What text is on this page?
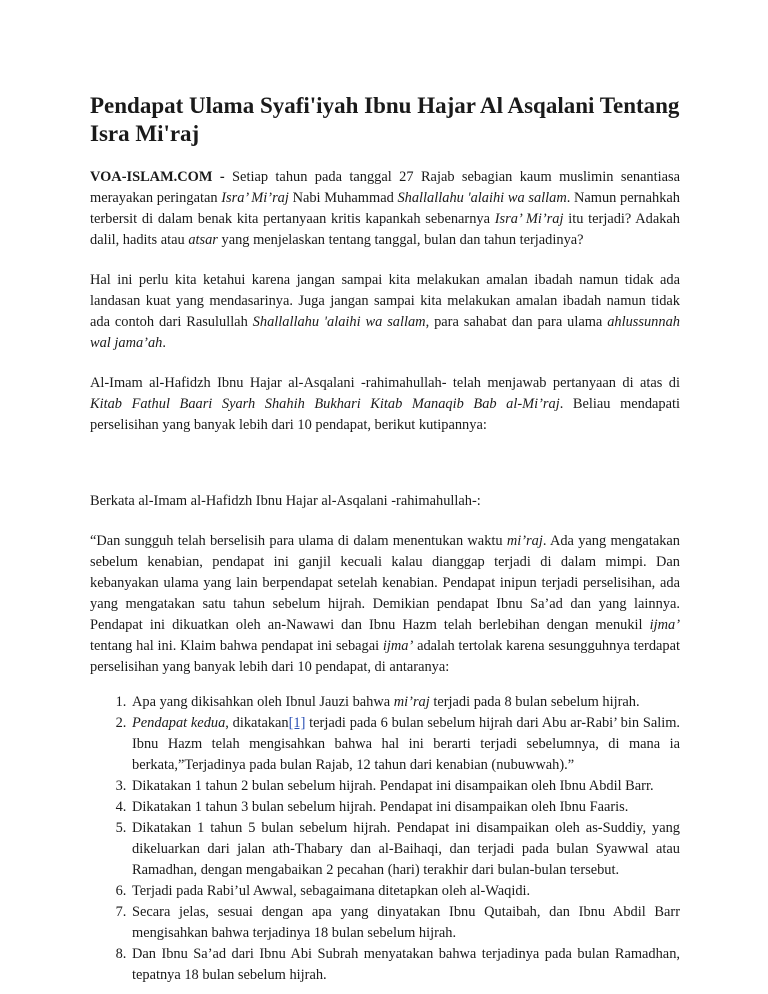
Pendapat Ulama Syafi'iyah Ibnu Hajar Al Asqalani Tentang Isra Mi'raj

VOA-ISLAM.COM - Setiap tahun pada tanggal 27 Rajab sebagian kaum muslimin senantiasa merayakan peringatan Isra’ Mi’raj Nabi Muhammad Shallallahu 'alaihi wa sallam. Namun pernahkah terbersit di dalam benak kita pertanyaan kritis kapankah sebenarnya Isra’ Mi’raj itu terjadi? Adakah dalil, hadits atau atsar yang menjelaskan tentang tanggal, bulan dan tahun terjadinya?

Hal ini perlu kita ketahui karena jangan sampai kita melakukan amalan ibadah namun tidak ada landasan kuat yang mendasarinya. Juga jangan sampai kita melakukan amalan ibadah namun tidak ada contoh dari Rasulullah Shallallahu 'alaihi wa sallam, para sahabat dan para ulama ahlussunnah wal jama’ah.

Al-Imam al-Hafidzh Ibnu Hajar al-Asqalani -rahimahullah- telah menjawab pertanyaan di atas di Kitab Fathul Baari Syarh Shahih Bukhari Kitab Manaqib Bab al-Mi’raj. Beliau mendapati perselisihan yang banyak lebih dari 10 pendapat, berikut kutipannya:

Berkata al-Imam al-Hafidzh Ibnu Hajar al-Asqalani -rahimahullah-:

“Dan sungguh telah berselisih para ulama di dalam menentukan waktu mi’raj. Ada yang mengatakan sebelum kenabian, pendapat ini ganjil kecuali kalau dianggap terjadi di dalam mimpi. Dan kebanyakan ulama yang lain berpendapat setelah kenabian. Pendapat inipun terjadi perselisihan, ada yang mengatakan satu tahun sebelum hijrah. Demikian pendapat Ibnu Sa’ad dan yang lainnya. Pendapat ini dikuatkan oleh an-Nawawi dan Ibnu Hazm telah berlebihan dengan menukil ijma’ tentang hal ini. Klaim bahwa pendapat ini sebagai ijma’ adalah tertolak karena sesungguhnya terdapat perselisihan yang banyak lebih dari 10 pendapat, di antaranya:

1. Apa yang dikisahkan oleh Ibnul Jauzi bahwa mi’raj terjadi pada 8 bulan sebelum hijrah.
2. Pendapat kedua, dikatakan[1] terjadi pada 6 bulan sebelum hijrah dari Abu ar-Rabi’ bin Salim. Ibnu Hazm telah mengisahkan bahwa hal ini berarti terjadi sebelumnya, di mana ia berkata,”Terjadinya pada bulan Rajab, 12 tahun dari kenabian (nubuwwah).”
3. Dikatakan 1 tahun 2 bulan sebelum hijrah. Pendapat ini disampaikan oleh Ibnu Abdil Barr.
4. Dikatakan 1 tahun 3 bulan sebelum hijrah. Pendapat ini disampaikan oleh Ibnu Faaris.
5. Dikatakan 1 tahun 5 bulan sebelum hijrah. Pendapat ini disampaikan oleh as-Suddiy, yang dikeluarkan dari jalan ath-Thabary dan al-Baihaqi, dan terjadi pada bulan Syawwal atau Ramadhan, dengan mengabaikan 2 pecahan (hari) terakhir dari bulan-bulan tersebut.
6. Terjadi pada Rabi’ul Awwal, sebagaimana ditetapkan oleh al-Waqidi.
7. Secara jelas, sesuai dengan apa yang dinyatakan Ibnu Qutaibah, dan Ibnu Abdil Barr mengisahkan bahwa terjadinya 18 bulan sebelum hijrah.
8. Dan Ibnu Sa’ad dari Ibnu Abi Subrah menyatakan bahwa terjadinya pada bulan Ramadhan, tepatnya 18 bulan sebelum hijrah.
